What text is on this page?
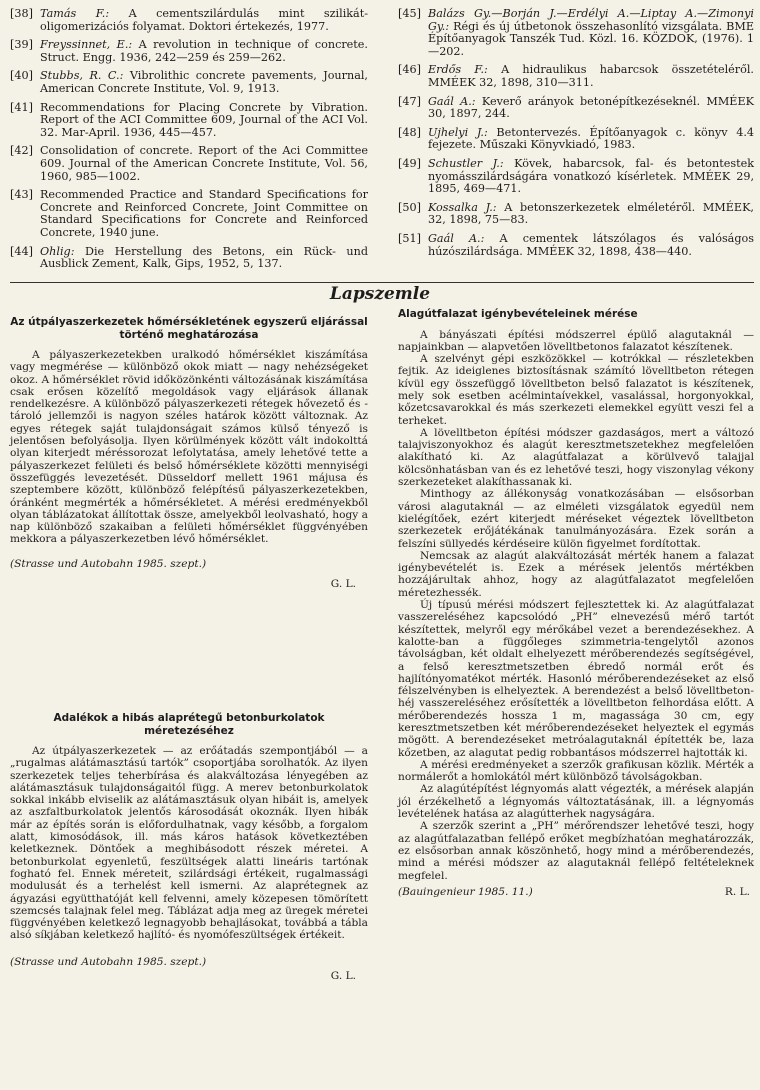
[38] Tamás F.: A cementszilárdulás mint szilikát-oligomerizációs folyamat. Doktori értekezés, 1977.
[39] Freyssinnet, E.: A revolution in technique of concrete. Struct. Engg. 1936, 242—259 és 259—262.
[40] Stubbs, R. C.: Vibrolithic concrete pavements, Journal, American Concrete Institute, Vol. 9, 1913.
[41] Recommendations for Placing Concrete by Vibration. Report of the ACI Committee 609, Journal of the ACI Vol. 32. Mar-April. 1936, 445—457.
[42] Consolidation of concrete. Report of the Aci Committee 609. Journal of the American Concrete Institute, Vol. 56, 1960, 985—1002.
[43] Recommended Practice and Standard Specifications for Concrete and Reinforced Concrete, Joint Committee on Standard Specifications for Concrete and Reinforced Concrete, 1940 june.
[44] Ohlig: Die Herstellung des Betons, ein Rück- und Ausblick Zement, Kalk, Gips, 1952, 5, 137.
[45] Balázs Gy.—Borján J.—Erdélyi A.—Liptay A.—Zimonyi Gy.: Régi és új útbetonok összehasonlító vizsgálata. BME Építőanyagok Tanszék Tud. Közl. 16. KÖZDOK, (1976). 1—202.
[46] Erdős F.: A hidraulikus habarcsok összetételéről. MMÉEK 32, 1898, 310—311.
[47] Gaál A.: Keverő arányok betonépítkezéseknél. MMÉEK 30, 1897, 244.
[48] Ujhelyi J.: Betontervezés. Építőanyagok c. könyv 4.4 fejezete. Műszaki Könyvkiadó, 1983.
[49] Schustler J.: Kövek, habarcsok, fal- és betontestek nyomásszilárdságára vonatkozó kísérletek. MMÉEK 29, 1895, 469—471.
[50] Kossalka J.: A betonszerkezetek elméletéről. MMÉEK, 32, 1898, 75—83.
[51] Gaál A.: A cementek látszólagos és valóságos húzószilárdsága. MMÉEK 32, 1898, 438—440.
Lapszemle
Az útpályaszerkezetek hőmérsékletének egyszerű eljárással történő meghatározása

A pályaszerkezetekben uralkodó hőmérséklet kiszámítása vagy megmérése — különböző okok miatt — nagy nehézségeket okoz. A hőmérséklet rövid időközönkénti változásának kiszámítása csak erősen közelítő megoldások vagy eljárások állanak rendelkezésre. A különböző pályaszerkezeti rétegek hővezető és -tároló jellemzői is nagyon széles határok között változnak. Az egyes rétegek saját tulajdonságait számos külső tényező is jelentősen befolyásolja. Ilyen körülmények között vált indokolttá olyan kiterjedt méréssorozat lefolytatása, amely lehetővé tette a pályaszerkezet felületi és belső hőmérséklete közötti mennyiségi összefüggés levezetését. Düsseldorf mellett 1961 májusa és szeptembere között, különböző felépítésű pályaszerkezetekben, óránként megmérték a hőmérsékletet. A mérési eredményekből olyan táblázatokat állítottak össze, amelyekből leolvasható, hogy a nap különböző szakaiban a felületi hőmérséklet függvényében mekkora a pályaszerkezetben lévő hőmérséklet.

(Strasse und Autobahn 1985. szept.)
G. L.
Adalékok a hibás alaprétegű betonburkolatok méretezéséhez

Az útpályaszerkezetek — az erőátadás szempontjából — a „rugalmas alátámasztású tartók” csoportjába sorolhatók. Az ilyen szerkezetek teljes teherbírása és alakváltozása lényegében az alátámasztásuk tulajdonságaitól függ. A merev betonburkolatok sokkal inkább elviselik az alátámasztásuk olyan hibáit is, amelyek az aszfaltburkolatok jelentős károsodását okoznák. Ilyen hibák már az építés során is előfordulhatnak, vagy később, a forgalom alatt, kimosódások, ill. más káros hatások következtében keletkeznek. Döntőek a meghibásodott részek méretei. A betonburkolat egyenletű, feszültségek alatti lineáris tartónak fogható fel. Ennek méreteit, szilárdsági értékeit, rugalmassági modulusát és a terhelést kell ismerni. Az alaprétegnek az ágyazási együtthatóját kell felvenni, amely közepesen tömörített szemcsés talajnak felel meg. Táblázat adja meg az üregek méretei függvényében keletkező legnagyobb behajlásokat, továbbá a tábla alsó síkjában keletkező hajlító- és nyomófeszültségek értékeit.

(Strasse und Autobahn 1985. szept.)
G. L.
Alagútfalazat igénybevételeinek mérése

A bányászati építési módszerrel épülő alagutaknál — napjainkban — alapvetően lövelltbetonos falazatot készítenek.

A szelvényt gépi eszközökkel — kotrókkal — részletekben fejtik. Az ideiglenes biztosításnak számító lövelltbeton rétegen kívül egy összefüggő lövelltbeton belső falazatot is készítenek, mely sok esetben acélmintaívekkel, vasalással, horgonyokkal, kőzetcsavarokkal és más szerkezeti elemekkel együtt veszi fel a terheket.

A lövelltbeton építési módszer gazdaságos, mert a változó talajviszonyokhoz és alagút keresztmetszetekhez megfelelően alakítható ki. Az alagútfalazat a körülvevő talajjal kölcsönhatásban van és ez lehetővé teszi, hogy viszonylag vékony szerkezeteket alakíthassanak ki.

Minthogy az állékonyság vonatkozásában — elsősorban városi alagutaknál — az elméleti vizsgálatok egyedül nem kielégítőek, ezért kiterjedt méréseket végeztek lövelltbeton szerkezetek erőjátékának tanulmányozására. Ezek során a felszíni süllyedés kérdéseire külön figyelmet fordítottak.

Nemcsak az alagút alakváltozását mérték hanem a falazat igénybevételét is. Ezek a mérések jelentős mértékben hozzájárultak ahhoz, hogy az alagútfalazatot megfelelően méretezhessék.

Új típusú mérési módszert fejlesztettek ki. Az alagútfalazat vasszereléséhez kapcsolódó „PH” elnevezésű mérő tartót készítettek, melyről egy mérőkábel vezet a berendezésekhez. A kalotte-ban a függőleges szimmetria-tengelytől azonos távolságban, két oldalt elhelyezett mérőberendezés segítségével, a felső keresztmetszetben ébredő normál erőt és hajlítónyomatékot mérték. Hasonló mérőberendezéseket az első félszelvényben is elhelyeztek. A berendezést a belső lövelltbeton-héj vasszereléséhez erősítették a lövelltbeton felhordása előtt. A mérőberendezés hossza 1 m, magassága 30 cm, egy keresztmetszetben két mérőberendezéseket helyeztek el egymás mögött. A berendezéseket metróalagutaknál építették be, laza kőzetben, az alagutat pedig robbantásos módszerrel hajtották ki.

A mérési eredményeket a szerzők grafikusan közlik. Mérték a normálerőt a homlokától mért különböző távolságokban.

Az alagútépítést légnyomás alatt végezték, a mérések alapján jól érzékelhető a légnyomás változtatásának, ill. a légnyomás levételének hatása az alagútterhek nagyságára.

A szerzők szerint a „PH” mérőrendszer lehetővé teszi, hogy az alagútfalazatban fellépő erőket megbízhatóan meghatározzák, ez elsősorban annak köszönhető, hogy mind a mérőberendezés, mind a mérési módszer az alagutaknál fellépő feltételeknek megfelel.

(Bauingenieur 1985. 11.)	R. L.
